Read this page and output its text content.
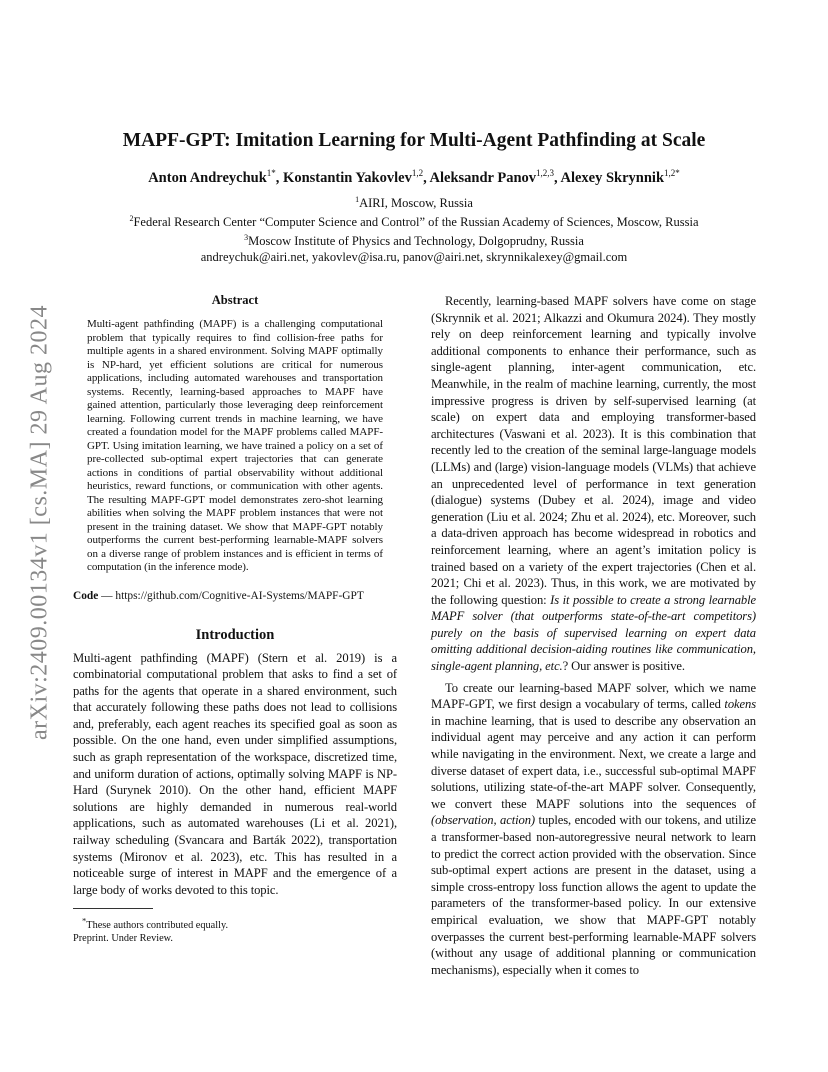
arXiv:2409.00134v1 [cs.MA] 29 Aug 2024
MAPF-GPT: Imitation Learning for Multi-Agent Pathfinding at Scale
Anton Andreychuk$^{1*}$, Konstantin Yakovlev$^{1,2}$, Aleksandr Panov$^{1,2,3}$, Alexey Skrynnik$^{1,2*}$
$^1$AIRI, Moscow, Russia
$^2$Federal Research Center “Computer Science and Control” of the Russian Academy of Sciences, Moscow, Russia
$^3$Moscow Institute of Physics and Technology, Dolgoprudny, Russia
andreychuk@airi.net, yakovlev@isa.ru, panov@airi.net, skrynnikalexey@gmail.com
Abstract

Multi-agent pathfinding (MAPF) is a challenging computational problem that typically requires to find collision-free paths for multiple agents in a shared environment. Solving MAPF optimally is NP-hard, yet efficient solutions are critical for numerous applications, including automated warehouses and transportation systems. Recently, learning-based approaches to MAPF have gained attention, particularly those leveraging deep reinforcement learning. Following current trends in machine learning, we have created a foundation model for the MAPF problems called MAPF-GPT. Using imitation learning, we have trained a policy on a set of pre-collected sub-optimal expert trajectories that can generate actions in conditions of partial observability without additional heuristics, reward functions, or communication with other agents. The resulting MAPF-GPT model demonstrates zero-shot learning abilities when solving the MAPF problem instances that were not present in the training dataset. We show that MAPF-GPT notably outperforms the current best-performing learnable-MAPF solvers on a diverse range of problem instances and is efficient in terms of computation (in the inference mode).

Code — https://github.com/Cognitive-AI-Systems/MAPF-GPT

Introduction

Multi-agent pathfinding (MAPF) (Stern et al. 2019) is a combinatorial computational problem that asks to find a set of paths for the agents that operate in a shared environment, such that accurately following these paths does not lead to collisions and, preferably, each agent reaches its specified goal as soon as possible. On the one hand, even under simplified assumptions, such as graph representation of the workspace, discretized time, and uniform duration of actions, optimally solving MAPF is NP-Hard (Surynek 2010). On the other hand, efficient MAPF solutions are highly demanded in numerous real-world applications, such as automated warehouses (Li et al. 2021), railway scheduling (Svancara and Barták 2022), transportation systems (Mironov et al. 2023), etc. This has resulted in a noticeable surge of interest in MAPF and the emergence of a large body of works devoted to this topic.

*These authors contributed equally.

Preprint. Under Review.

Recently, learning-based MAPF solvers have come on stage (Skrynnik et al. 2021; Alkazzi and Okumura 2024). They mostly rely on deep reinforcement learning and typically involve additional components to enhance their performance, such as single-agent planning, inter-agent communication, etc. Meanwhile, in the realm of machine learning, currently, the most impressive progress is driven by self-supervised learning (at scale) on expert data and employing transformer-based architectures (Vaswani et al. 2023). It is this combination that recently led to the creation of the seminal large-language models (LLMs) and (large) vision-language models (VLMs) that achieve an unprecedented level of performance in text generation (dialogue) systems (Dubey et al. 2024), image and video generation (Liu et al. 2024; Zhu et al. 2024), etc. Moreover, such a data-driven approach has become widespread in robotics and reinforcement learning, where an agent’s imitation policy is trained based on a variety of the expert trajectories (Chen et al. 2021; Chi et al. 2023). Thus, in this work, we are motivated by the following question: Is it possible to create a strong learnable MAPF solver (that outperforms state-of-the-art competitors) purely on the basis of supervised learning on expert data omitting additional decision-aiding routines like communication, single-agent planning, etc.? Our answer is positive.

To create our learning-based MAPF solver, which we name MAPF-GPT, we first design a vocabulary of terms, called tokens in machine learning, that is used to describe any observation an individual agent may perceive and any action it can perform while navigating in the environment. Next, we create a large and diverse dataset of expert data, i.e., successful sub-optimal MAPF solutions, utilizing state-of-the-art MAPF solver. Consequently, we convert these MAPF solutions into the sequences of (observation, action) tuples, encoded with our tokens, and utilize a transformer-based non-autoregressive neural network to learn to predict the correct action provided with the observation. Since sub-optimal expert actions are present in the dataset, using a simple cross-entropy loss function allows the agent to update the parameters of the transformer-based policy. In our extensive empirical evaluation, we show that MAPF-GPT notably overpasses the current best-performing learnable-MAPF solvers (without any usage of additional planning or communication mechanisms), especially when it comes to
